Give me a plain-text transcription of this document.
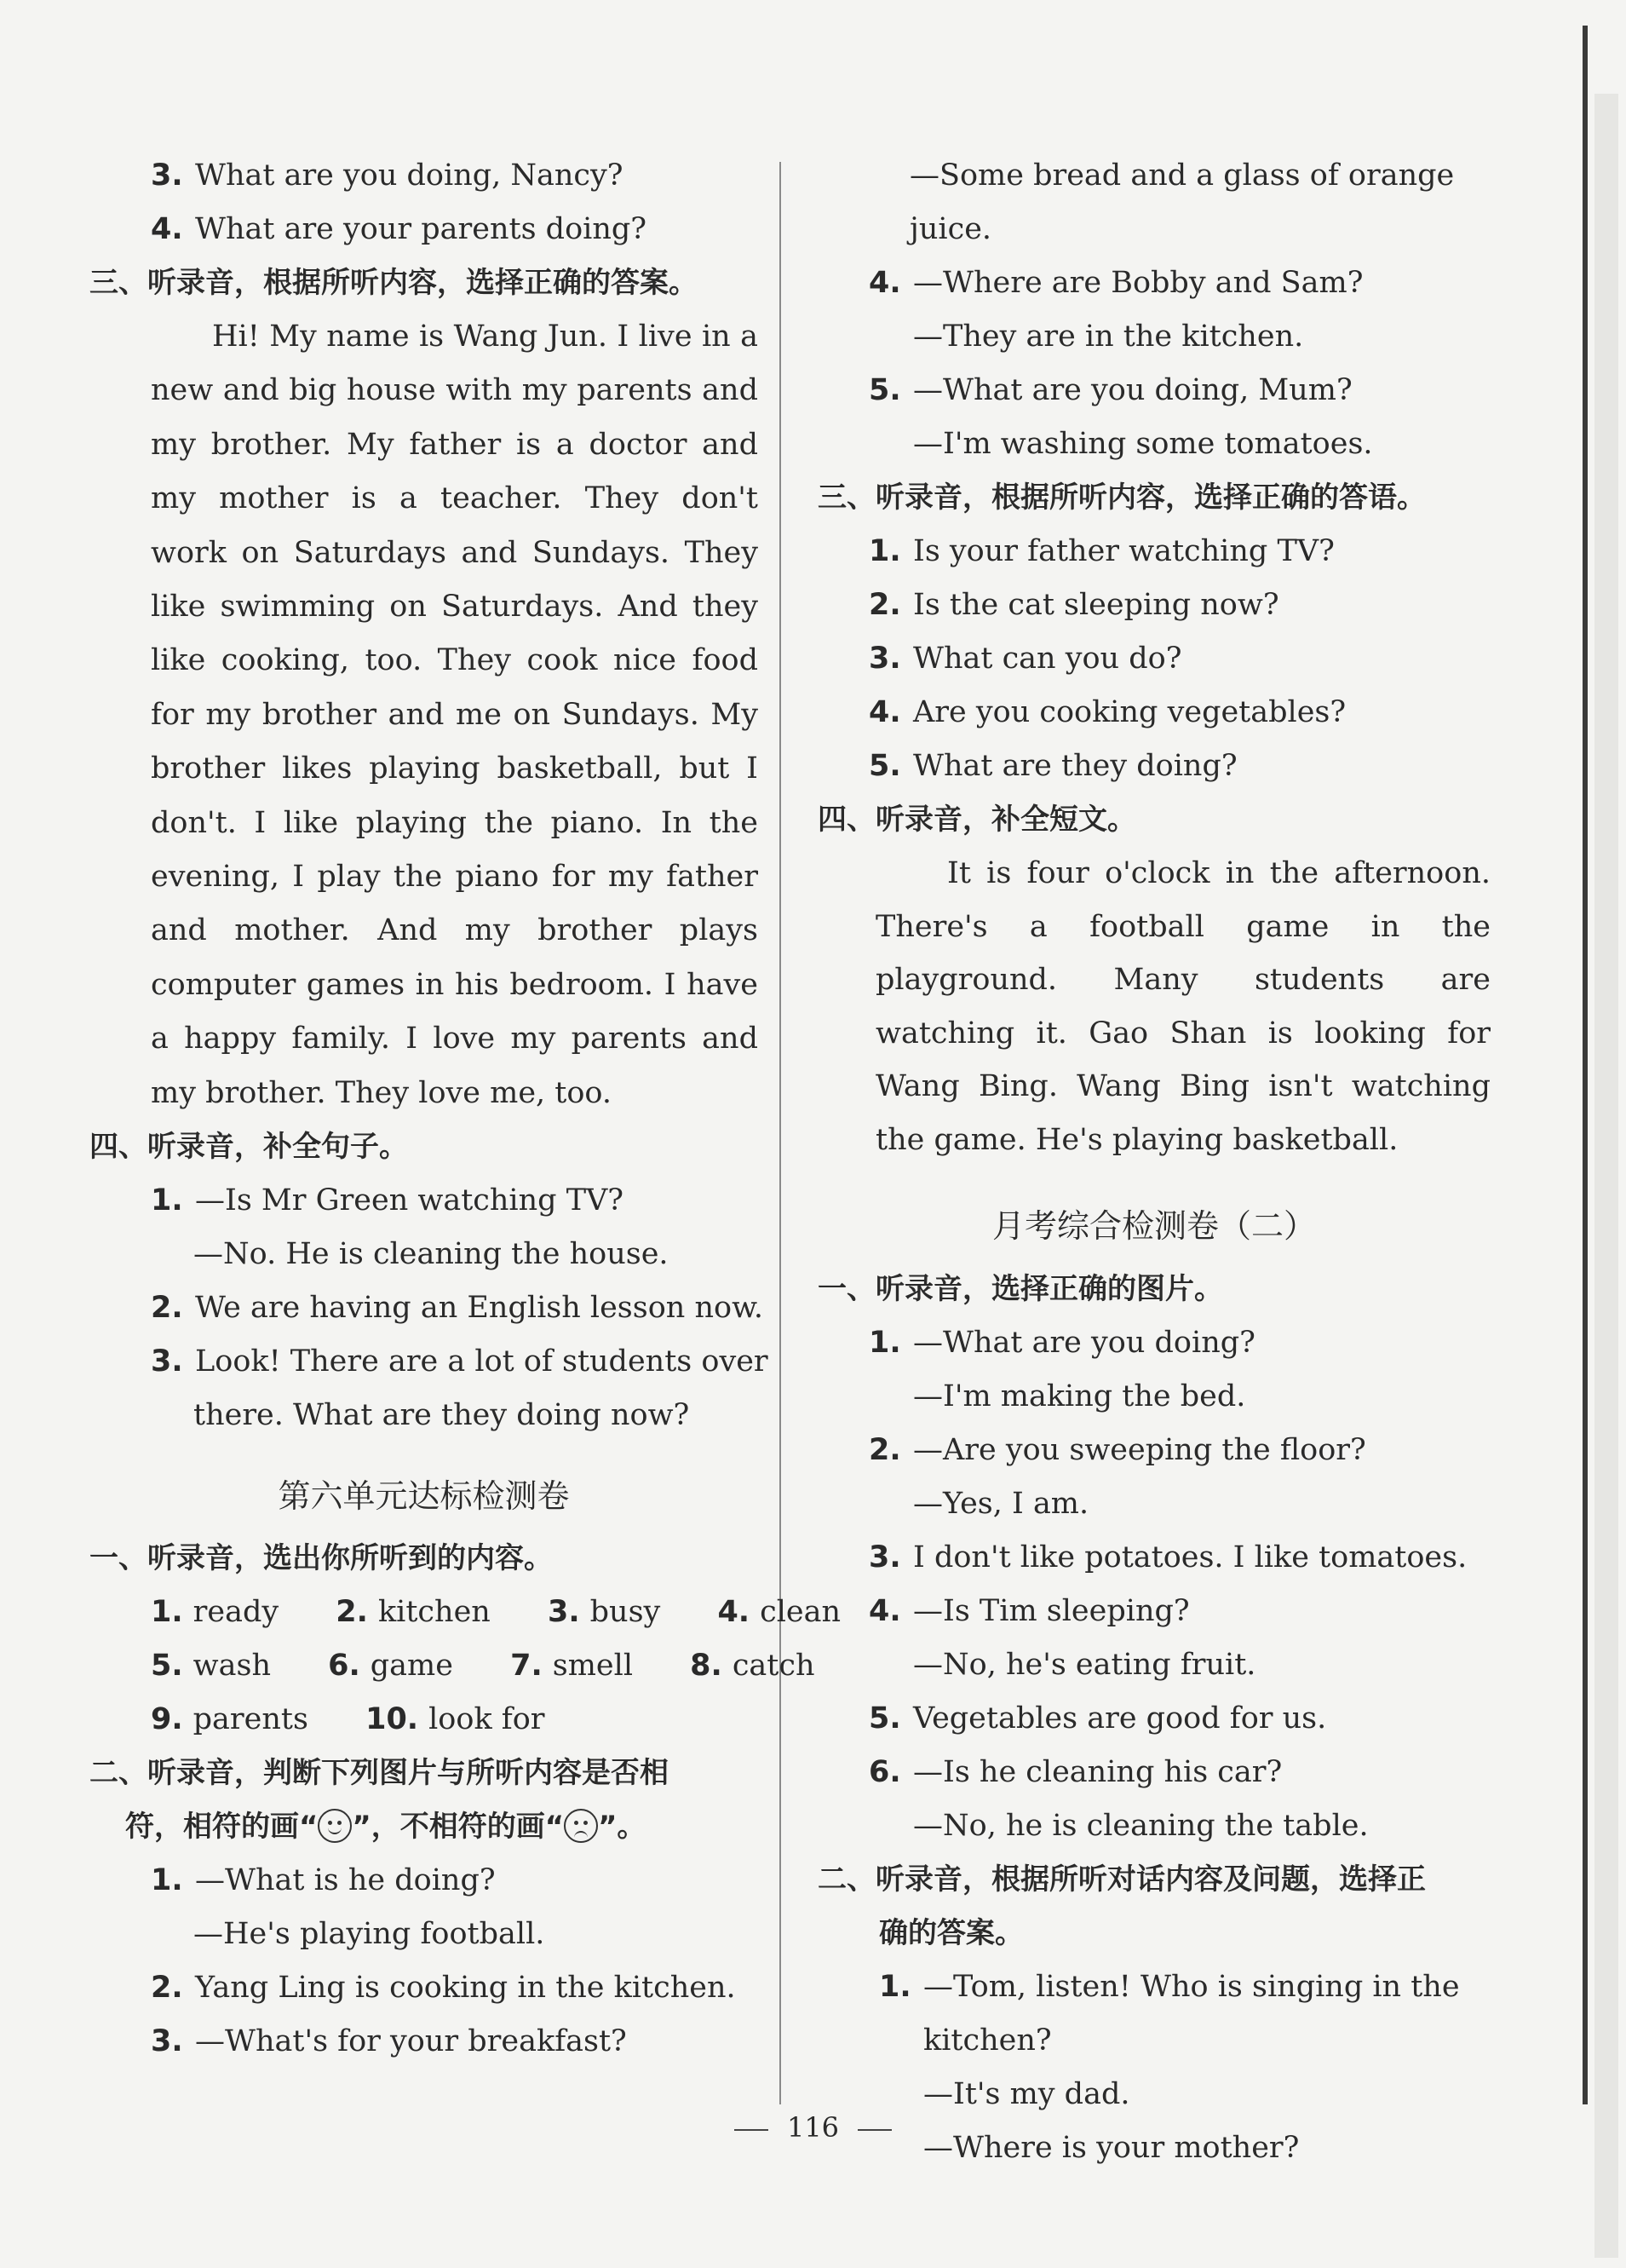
3. What are you doing, Nancy?
4. What are your parents doing?
三、听录音，根据所听内容，选择正确的答案。
Hi! My name is Wang Jun. I live in a new and big house with my parents and my brother. My father is a doctor and my mother is a teacher. They don't work on Saturdays and Sundays. They like swimming on Saturdays. And they like cooking, too. They cook nice food for my brother and me on Sundays. My brother likes playing basketball, but I don't. I like playing the piano. In the evening, I play the piano for my father and mother. And my brother plays computer games in his bedroom. I have a happy family. I love my parents and my brother. They love me, too.
四、听录音，补全句子。
1. —Is Mr Green watching TV?
—No. He is cleaning the house.
2. We are having an English lesson now.
3. Look! There are a lot of students over
there. What are they doing now?
第六单元达标检测卷
一、听录音，选出你所听到的内容。
1. ready 2. kitchen 3. busy 4. clean
5. wash 6. game 7. smell 8. catch
9. parents 10. look for
二、听录音，判断下列图片与所听内容是否相
符，相符的画“ ”，不相符的画“ ”。
1. —What is he doing?
—He's playing football.
2. Yang Ling is cooking in the kitchen.
3. —What's for your breakfast?
—Some bread and a glass of orange
juice.
4. —Where are Bobby and Sam?
—They are in the kitchen.
5. —What are you doing, Mum?
—I'm washing some tomatoes.
三、听录音，根据所听内容，选择正确的答语。
1. Is your father watching TV?
2. Is the cat sleeping now?
3. What can you do?
4. Are you cooking vegetables?
5. What are they doing?
四、听录音，补全短文。
It is four o'clock in the afternoon. There's a football game in the playground. Many students are watching it. Gao Shan is looking for Wang Bing. Wang Bing isn't watching the game. He's playing basketball.
月考综合检测卷（二）
一、听录音，选择正确的图片。
1. —What are you doing?
—I'm making the bed.
2. —Are you sweeping the floor?
—Yes, I am.
3. I don't like potatoes. I like tomatoes.
4. —Is Tim sleeping?
—No, he's eating fruit.
5. Vegetables are good for us.
6. —Is he cleaning his car?
—No, he is cleaning the table.
二、听录音，根据所听对话内容及问题，选择正
确的答案。
1. —Tom, listen! Who is singing in the
kitchen?
—It's my dad.
—Where is your mother?
116
